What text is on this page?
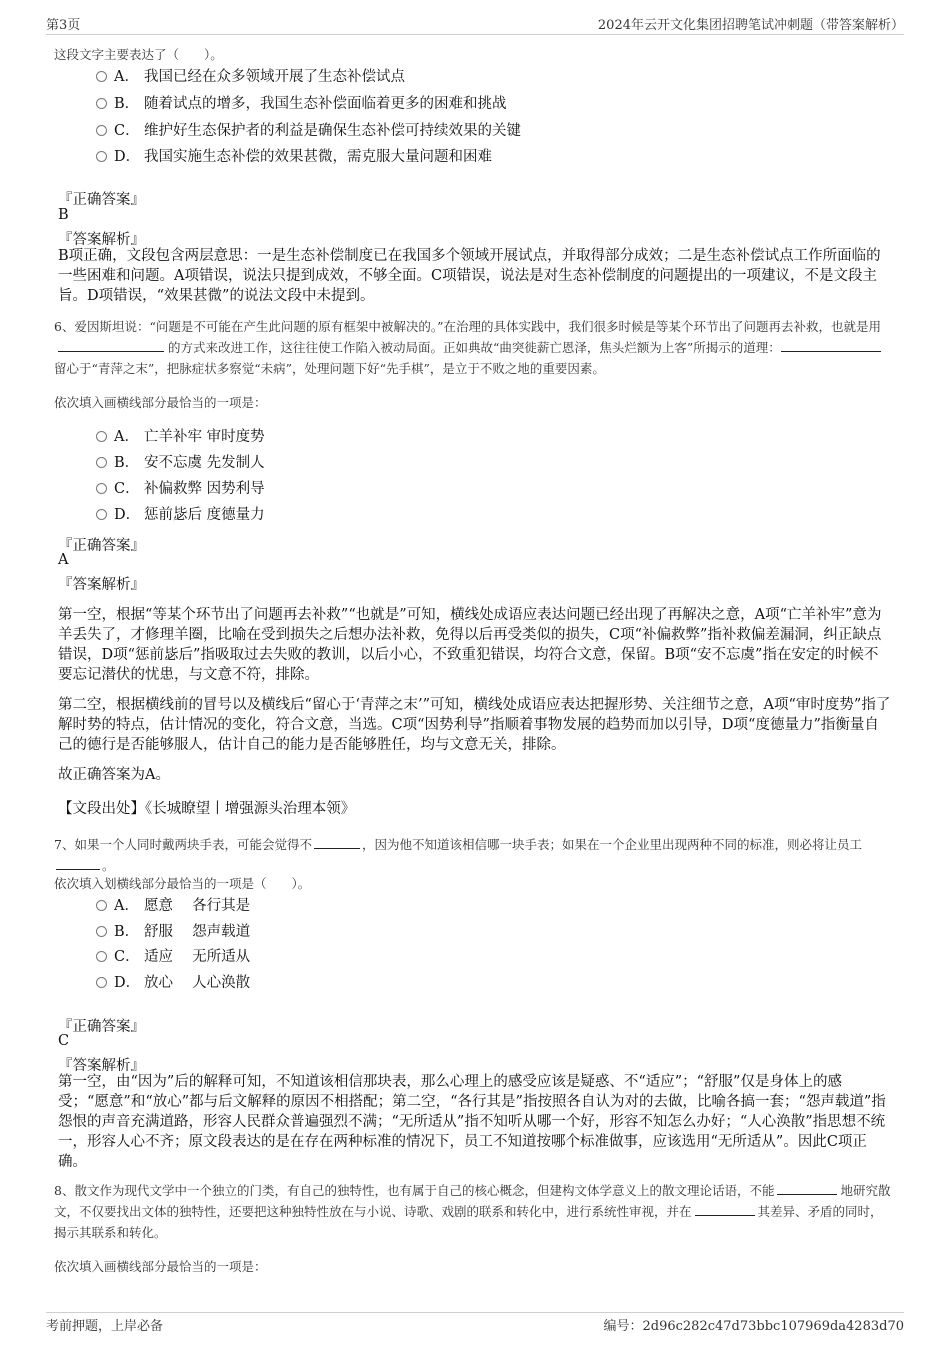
第3页	2024年云开文化集团招聘笔试冲刺题（带答案解析）
这段文字主要表达了（　　）。
A． 我国已经在众多领域开展了生态补偿试点
B． 随着试点的增多，我国生态补偿面临着更多的困难和挑战
C． 维护好生态保护者的利益是确保生态补偿可持续效果的关键
D． 我国实施生态补偿的效果甚微，需克服大量问题和困难
『正确答案』
B
『答案解析』
B项正确，文段包含两层意思：一是生态补偿制度已在我国多个领域开展试点，并取得部分成效；二是生态补偿试点工作所面临的一些困难和问题。A项错误，说法只提到成效，不够全面。C项错误，说法是对生态补偿制度的问题提出的一项建议，不是文段主旨。D项错误，“效果甚微”的说法文段中未提到。
6、爱因斯坦说：“问题是不可能在产生此问题的原有框架中被解决的。”在治理的具体实践中，我们很多时候是等某个环节出了问题再去补救，也就是用的方式来改进工作，这往往使工作陷入被动局面。正如典故“曲突徙薪亡恩泽，焦头烂额为上客”所揭示的道理：留心于“青萍之末”，把脉症状多察觉“未病”，处理问题下好“先手棋”，是立于不败之地的重要因素。
依次填入画横线部分最恰当的一项是：
A． 亡羊补牢 审时度势
B． 安不忘虞 先发制人
C． 补偏救弊 因势利导
D． 惩前毖后 度德量力
『正确答案』
A
『答案解析』
第一空，根据“等某个环节出了问题再去补救”“也就是”可知，横线处成语应表达问题已经出现了再解决之意，A项“亡羊补牢”意为羊丢失了，才修理羊圈，比喻在受到损失之后想办法补救，免得以后再受类似的损失，C项“补偏救弊”指补救偏差漏洞，纠正缺点错误，D项“惩前毖后”指吸取过去失败的教训，以后小心，不致重犯错误，均符合文意，保留。B项“安不忘虞”指在安定的时候不要忘记潜伏的忧患，与文意不符，排除。
第二空，根据横线前的冒号以及横线后“留心于‘青萍之末’”可知，横线处成语应表达把握形势、关注细节之意，A项“审时度势”指了解时势的特点，估计情况的变化，符合文意，当选。C项“因势利导”指顺着事物发展的趋势而加以引导，D项“度德量力”指衡量自己的德行是否能够服人，估计自己的能力是否能够胜任，均与文意无关，排除。
故正确答案为A。
【文段出处】《长城瞭望丨增强源头治理本领》
7、如果一个人同时戴两块手表，可能会觉得不	，因为他不知道该相信哪一块手表；如果在一个企业里出现两种不同的标准，则必将让员工。
依次填入划横线部分最恰当的一项是（　　）。
A． 愿意　 各行其是
B． 舒服　 怨声载道
C． 适应　 无所适从
D． 放心　 人心涣散
『正确答案』
C
『答案解析』
第一空，由“因为”后的解释可知，不知道该相信那块表，那么心理上的感受应该是疑惑、不“适应”；“舒服”仅是身体上的感受；“愿意”和“放心”都与后文解释的原因不相搭配；第二空，“各行其是”指按照各自认为对的去做，比喻各搞一套；“怨声载道”指怨恨的声音充满道路，形容人民群众普遍强烈不满；“无所适从”指不知听从哪一个好，形容不知怎么办好；“人心涣散”指思想不统一，形容人心不齐；原文段表达的是在存在两种标准的情况下，员工不知道按哪个标准做事，应该选用“无所适从”。因此C项正确。
8、散文作为现代文学中一个独立的门类，有自己的独特性，也有属于自己的核心概念，但建构文体学意义上的散文理论话语，不能	地研究散文，不仅要找出文体的独特性，还要把这种独特性放在与小说、诗歌、戏剧的联系和转化中，进行系统性审视，并在	其差异、矛盾的同时，揭示其联系和转化。
依次填入画横线部分最恰当的一项是：
考前押题，上岸必备	编号：2d96c282c47d73bbc107969da4283d70
